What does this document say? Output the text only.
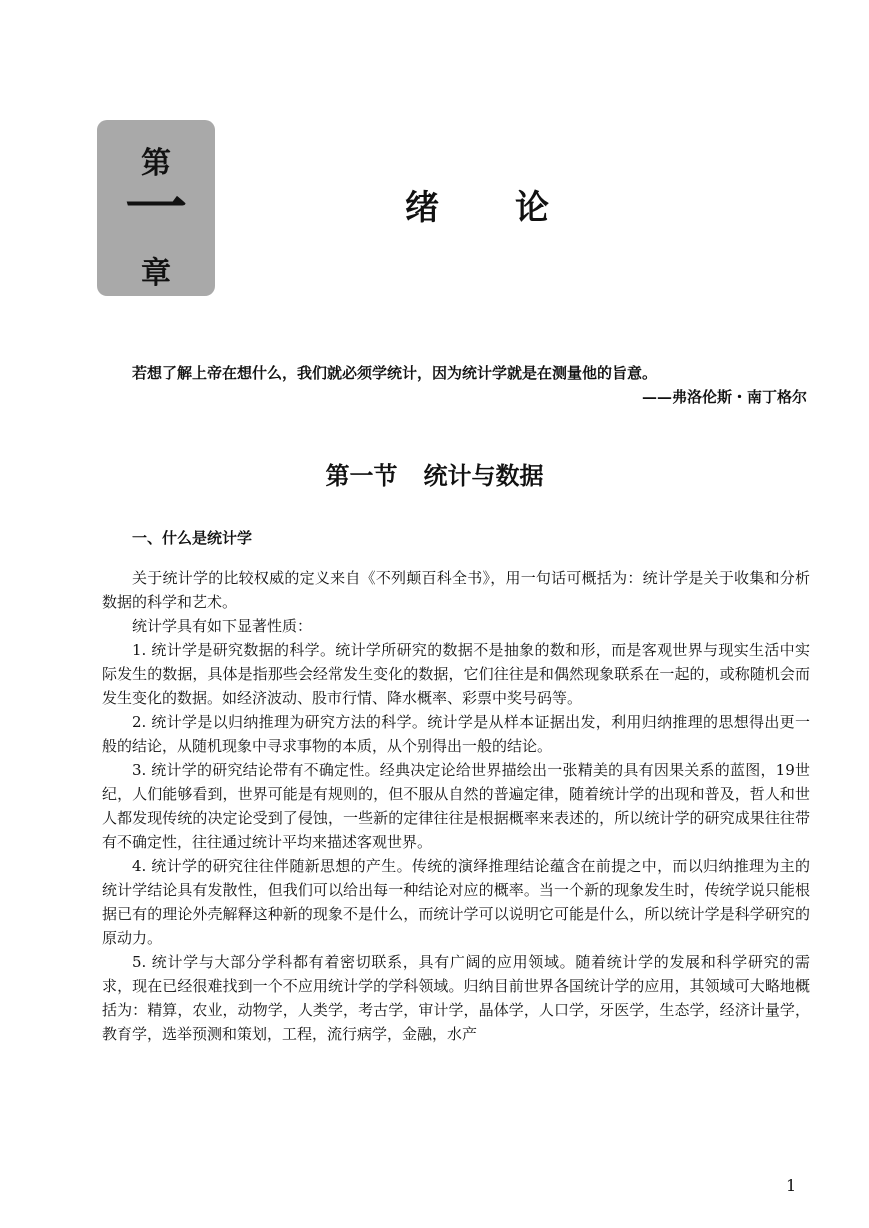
第
一
章
绪论
若想了解上帝在想什么，我们就必须学统计，因为统计学就是在测量他的旨意。
——弗洛伦斯・南丁格尔
第一节 统计与数据
一、什么是统计学

关于统计学的比较权威的定义来自《不列颠百科全书》，用一句话可概括为：统计学是关于收集和分析数据的科学和艺术。

统计学具有如下显著性质：

1. 统计学是研究数据的科学。统计学所研究的数据不是抽象的数和形，而是客观世界与现实生活中实际发生的数据，具体是指那些会经常发生变化的数据，它们往往是和偶然现象联系在一起的，或称随机会而发生变化的数据。如经济波动、股市行情、降水概率、彩票中奖号码等。

2. 统计学是以归纳推理为研究方法的科学。统计学是从样本证据出发，利用归纳推理的思想得出更一般的结论，从随机现象中寻求事物的本质，从个别得出一般的结论。

3. 统计学的研究结论带有不确定性。经典决定论给世界描绘出一张精美的具有因果关系的蓝图，19世纪，人们能够看到，世界可能是有规则的，但不服从自然的普遍定律，随着统计学的出现和普及，哲人和世人都发现传统的决定论受到了侵蚀，一些新的定律往往是根据概率来表述的，所以统计学的研究成果往往带有不确定性，往往通过统计平均来描述客观世界。

4. 统计学的研究往往伴随新思想的产生。传统的演绎推理结论蕴含在前提之中，而以归纳推理为主的统计学结论具有发散性，但我们可以给出每一种结论对应的概率。当一个新的现象发生时，传统学说只能根据已有的理论外壳解释这种新的现象不是什么，而统计学可以说明它可能是什么，所以统计学是科学研究的原动力。

5. 统计学与大部分学科都有着密切联系，具有广阔的应用领域。随着统计学的发展和科学研究的需求，现在已经很难找到一个不应用统计学的学科领域。归纳目前世界各国统计学的应用，其领域可大略地概括为：精算，农业，动物学，人类学，考古学，审计学，晶体学，人口学，牙医学，生态学，经济计量学，教育学，选举预测和策划，工程，流行病学，金融，水产

1
